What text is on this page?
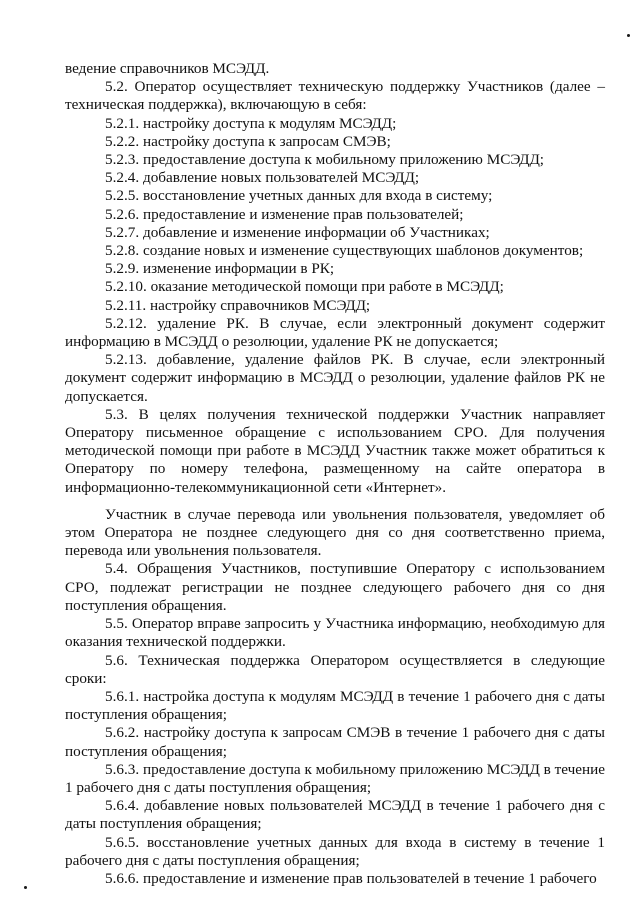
ведение справочников МСЭДД.

5.2. Оператор осуществляет техническую поддержку Участников (далее – техническая поддержка), включающую в себя:

5.2.1. настройку доступа к модулям МСЭДД;

5.2.2. настройку доступа к запросам СМЭВ;

5.2.3. предоставление доступа к мобильному приложению МСЭДД;

5.2.4. добавление новых пользователей МСЭДД;

5.2.5. восстановление учетных данных для входа в систему;

5.2.6. предоставление и изменение прав пользователей;

5.2.7. добавление и изменение информации об Участниках;

5.2.8. создание новых и изменение существующих шаблонов документов;

5.2.9. изменение информации в РК;

5.2.10. оказание методической помощи при работе в МСЭДД;

5.2.11. настройку справочников МСЭДД;

5.2.12. удаление РК. В случае, если электронный документ содержит информацию в МСЭДД о резолюции, удаление РК не допускается;

5.2.13. добавление, удаление файлов РК. В случае, если электронный документ содержит информацию в МСЭДД о резолюции, удаление файлов РК не допускается.

5.3. В целях получения технической поддержки Участник направляет Оператору письменное обращение с использованием СРО. Для получения методической помощи при работе в МСЭДД Участник также может обратиться к Оператору по номеру телефона, размещенному на сайте оператора в информационно-телекоммуникационной сети «Интернет».

Участник в случае перевода или увольнения пользователя, уведомляет об этом Оператора не позднее следующего дня со дня соответственно приема, перевода или увольнения пользователя.

5.4. Обращения Участников, поступившие Оператору с использованием СРО, подлежат регистрации не позднее следующего рабочего дня со дня поступления обращения.

5.5. Оператор вправе запросить у Участника информацию, необходимую для оказания технической поддержки.

5.6. Техническая поддержка Оператором осуществляется в следующие сроки:

5.6.1. настройка доступа к модулям МСЭДД в течение 1 рабочего дня с даты поступления обращения;

5.6.2. настройку доступа к запросам СМЭВ в течение 1 рабочего дня с даты поступления обращения;

5.6.3. предоставление доступа к мобильному приложению МСЭДД в течение 1 рабочего дня с даты поступления обращения;

5.6.4. добавление новых пользователей МСЭДД в течение 1 рабочего дня с даты поступления обращения;

5.6.5. восстановление учетных данных для входа в систему в течение 1 рабочего дня с даты поступления обращения;

5.6.6. предоставление и изменение прав пользователей в течение 1 рабочего
